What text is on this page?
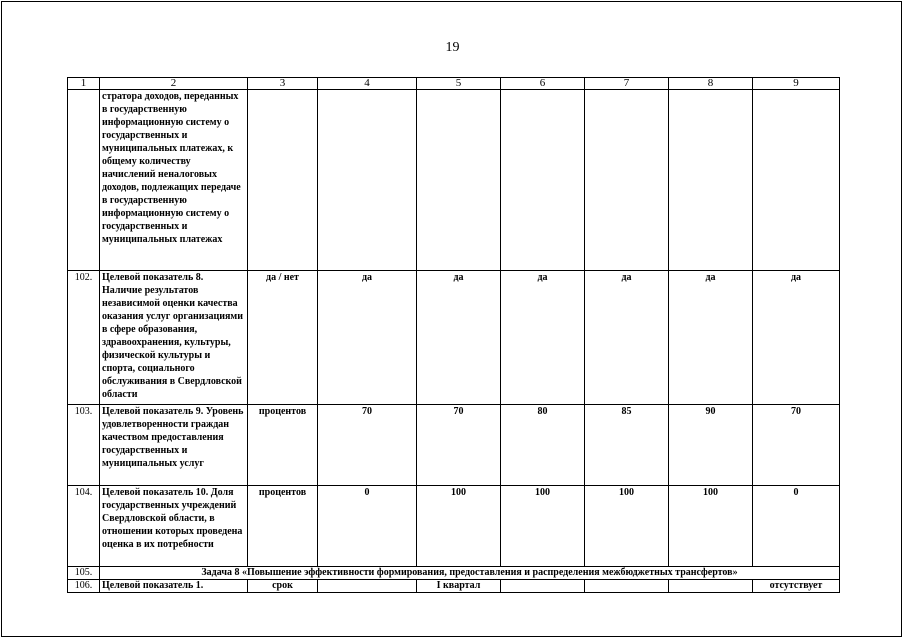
19
1	2	3	4	5	6	7	8	9
	стратора доходов, переданных в государственную информационную систему о государственных и муниципальных платежах, к общему количеству начислений неналоговых доходов, подлежащих передаче в государственную информационную систему о государственных и муниципальных платежах							
102.	Целевой показатель 8. Наличие результатов независимой оценки качества оказания услуг организациями в сфере образования, здравоохранения, культуры, физической культуры и спорта, социального обслуживания в Свердловской области	да / нет	да	да	да	да	да	да
103.	Целевой показатель 9. Уровень удовлетворенности граждан качеством предоставления государственных и муниципальных услуг	процентов	70	70	80	85	90	70
104.	Целевой показатель 10. Доля государственных учреждений Свердловской области, в отношении которых проведена оценка в их потребности	процентов	0	100	100	100	100	0
105.	Задача 8 «Повышение эффективности формирования, предоставления и распределения межбюджетных трансфертов»							
106.	Целевой показатель 1.	срок		I квартал				отсутствует
